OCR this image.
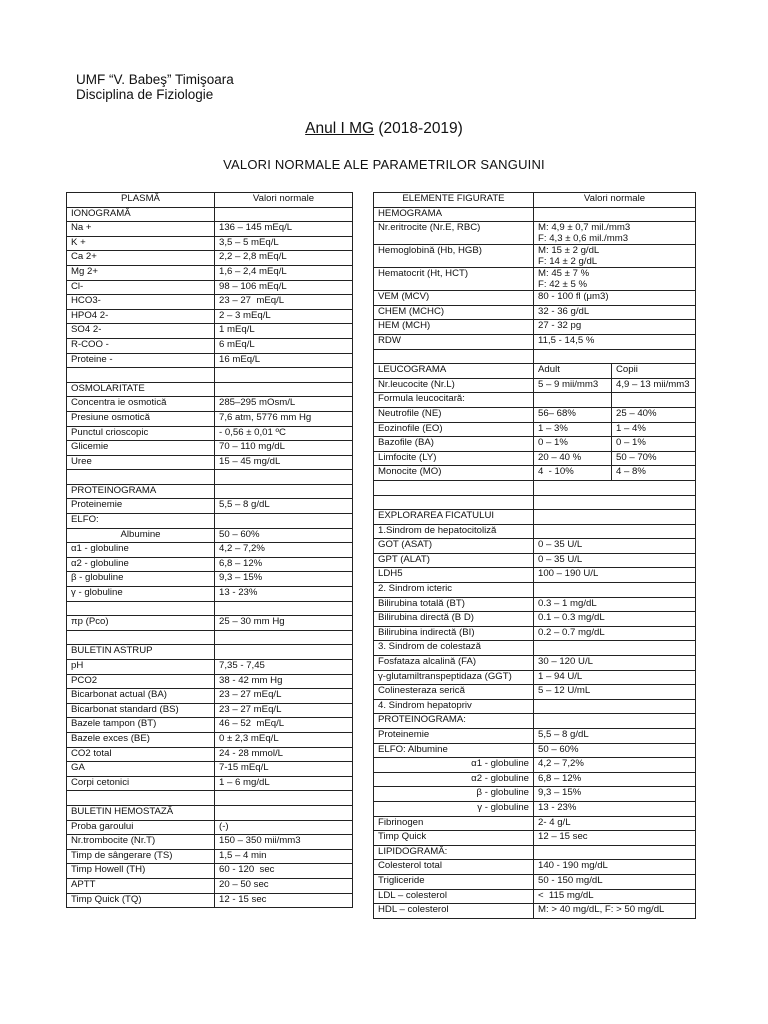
UMF “V. Babeş” Timişoara
Disciplina de Fiziologie
Anul I MG (2018-2019)
VALORI NORMALE ALE PARAMETRILOR SANGUINI
PLASMĂ	Valori normale
IONOGRAMĂ	
Na +	136 – 145 mEq/L
K +	3,5 – 5 mEq/L
Ca 2+	2,2 – 2,8 mEq/L
Mg 2+	1,6 – 2,4 mEq/L
Cl-	98 – 106 mEq/L
HCO3-	23 – 27  mEq/L
HPO4 2-	2 – 3 mEq/L
SO4 2-	1 mEq/L
R-COO -	6 mEq/L
Proteine -	16 mEq/L

OSMOLARITATE	
Concentra ie osmotică	285–295 mOsm/L
Presiune osmotică	7,6 atm, 5776 mm Hg
Punctul crioscopic	- 0,56 ± 0,01 ºC
Glicemie	70 – 110 mg/dL
Uree	15 – 45 mg/dL

PROTEINOGRAMA	
Proteinemie	5,5 – 8 g/dL
ELFO:	
Albumine	50 – 60%
α1 - globuline	4,2 – 7,2%
α2 - globuline	6,8 – 12%
β - globuline	9,3 – 15%
γ - globuline	13 - 23%

πp (Pco)	25 – 30 mm Hg

BULETIN ASTRUP	
pH	7,35 - 7,45
PCO2	38 - 42 mm Hg
Bicarbonat actual (BA)	23 – 27 mEq/L
Bicarbonat standard (BS)	23 – 27 mEq/L
Bazele tampon (BT)	46 – 52  mEq/L
Bazele exces (BE)	0 ± 2,3 mEq/L
CO2 total	24 - 28 mmol/L
GA	7-15 mEq/L
Corpi cetonici	1 – 6 mg/dL

BULETIN HEMOSTAZĂ	
Proba garoului	(-)
Nr.trombocite (Nr.T)	150 – 350 mii/mm3
Timp de sângerare (TS)	1,5 – 4 min
Timp Howell (TH)	60 - 120  sec
APTT	20 – 50 sec
Timp Quick (TQ)	12 - 15 sec
ELEMENTE FIGURATE	Valori normale	
HEMOGRAMA		
Nr.eritrocite (Nr.E, RBC)	M: 4,9 ± 0,7 mil./mm3
F: 4,3 ± 0,6 mil./mm3	
Hemoglobină (Hb, HGB)	M: 15 ± 2 g/dL
F: 14 ± 2 g/dL	
Hematocrit (Ht, HCT)	M: 45 ± 7 %
F: 42 ± 5 %	
VEM (MCV)	80 - 100 fl (μm3)	
CHEM (MCHC)	32 - 36 g/dL	
HEM (MCH)	27 - 32 pg	
RDW	11,5 - 14,5 %	

LEUCOGRAMA	Adult	Copii
Nr.leucocite (Nr.L)	5 – 9 mii/mm3	4,9 – 13 mii/mm3
Formula leucocitară:		
Neutrofile (NE)	56– 68%	25 – 40%
Eozinofile (EO)	1 – 3%	1 – 4%
Bazofile (BA)	0 – 1%	0 – 1%
Limfocite (LY)	20 – 40 %	50 – 70%
Monocite (MO)	4  - 10%	4 – 8%

EXPLORAREA FICATULUI		
1.Sindrom de hepatocitoliză		
GOT (ASAT)	0 – 35 U/L	
GPT (ALAT)	0 – 35 U/L	
LDH5	100 – 190 U/L	
2. Sindrom icteric		
Bilirubina totală (BT)	0.3 – 1 mg/dL	
Bilirubina directă (B D)	0.1 – 0.3 mg/dL	
Bilirubina indirectă (BI)	0.2 – 0.7 mg/dL	
3. Sindrom de colestază		
Fosfataza alcalină (FA)	30 – 120 U/L	
γ-glutamiltranspeptidaza (GGT)	1 – 94 U/L	
Colinesteraza serică	5 – 12 U/mL	
4. Sindrom hepatopriv		
PROTEINOGRAMA:		
Proteinemie	5,5 – 8 g/dL	
ELFO: Albumine	50 – 60%	
α1 - globuline	4,2 – 7,2%	
α2 - globuline	6,8 – 12%	
β - globuline	9,3 – 15%	
γ - globuline	13 - 23%	
Fibrinogen	2- 4 g/L	
Timp Quick	12 – 15 sec	
LIPIDOGRAMĂ:		
Colesterol total	140 - 190 mg/dL	
Trigliceride	50 - 150 mg/dL	
LDL – colesterol	<  115 mg/dL	
HDL – colesterol	M: > 40 mg/dL, F: > 50 mg/dL	
